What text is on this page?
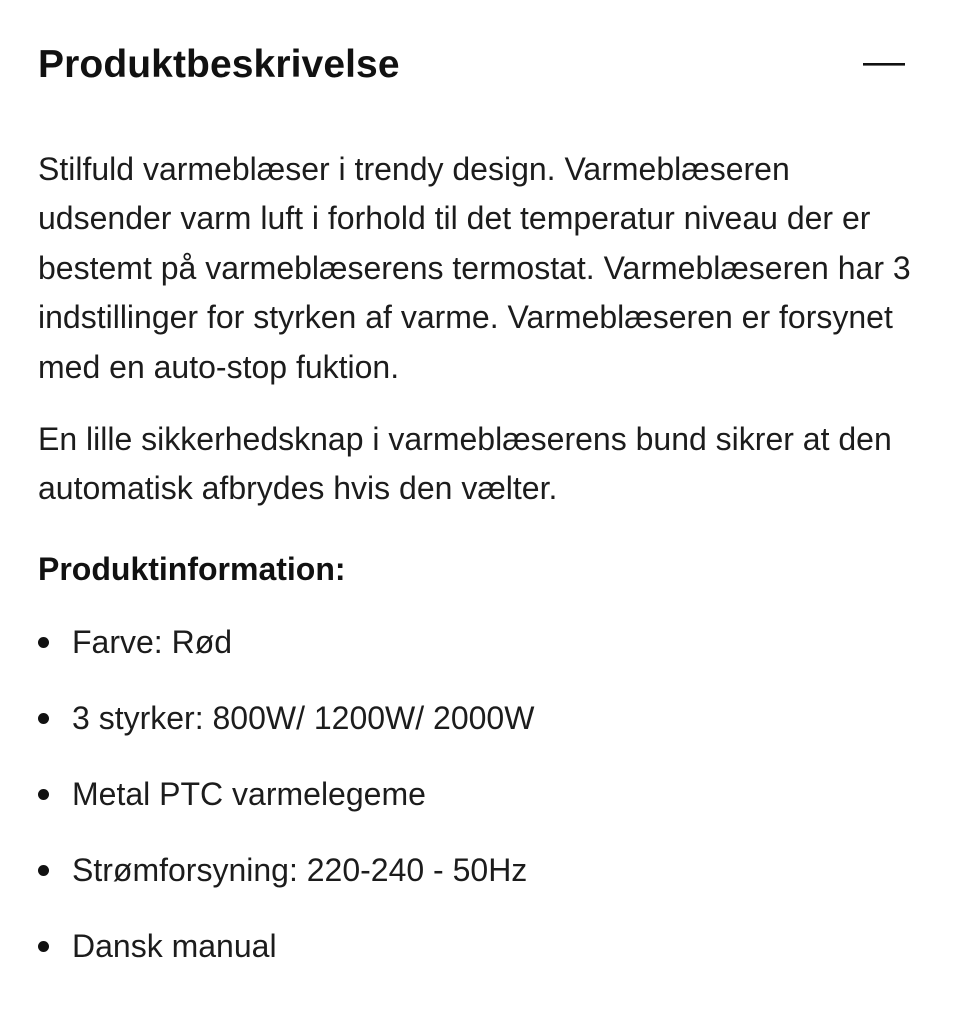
Produktbeskrivelse

Stilfuld varmeblæser i trendy design. Varmeblæseren udsender varm luft i forhold til det temperatur niveau der er bestemt på varmeblæserens termostat. Varmeblæseren har 3 indstillinger for styrken af varme. Varmeblæseren er forsynet med en auto-stop fuktion.

En lille sikkerhedsknap i varmeblæserens bund sikrer at den automatisk afbrydes hvis den vælter.

Produktinformation:
Farve: Rød
3 styrker: 800W/ 1200W/ 2000W
Metal PTC varmelegeme
Strømforsyning: 220-240 - 50Hz
Dansk manual
